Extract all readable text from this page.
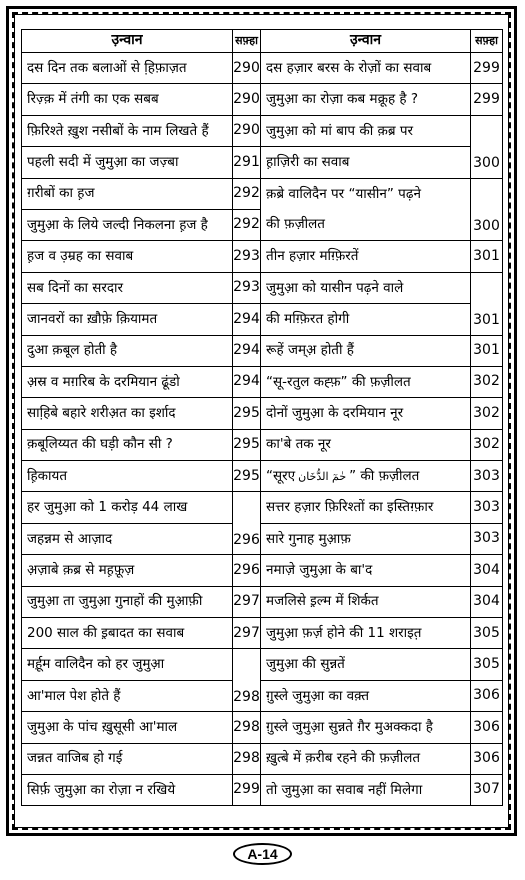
उ़न्वान	सफ़्हा	उ़न्वान	सफ़्हा
दस दिन तक बलाओं से हि़फ़ाज़त	290	दस हज़ार बरस के रोज़ों का सवाब	299
रिज़्क़ में तंगी का एक सबब	290	जुमुआ़ का रोज़ा कब मक्रूह है ?	299
फ़िरिश्ते खु़श नसीबों के नाम लिखते हैं	290	जुमुआ़ को मां बाप की क़ब्र पर	300
पहली सदी में जुमुआ़ का जज़्बा	291	ह़ाज़िरी का सवाब	
ग़रीबों का ह़ज	292	क़ब्रे वालिदैन पर “यासीन” पढ़ने	300
जुमुआ़ के लिये जल्दी निकलना ह़ज है	292	की फ़ज़ीलत	
ह़ज व उ़म्रह का सवाब	293	तीन हज़ार मग़्फ़िरतें	301
सब दिनों का सरदार	293	जुमुआ़ को यासीन पढ़ने वाले	301
जानवरों का ख़ौफ़े क़ियामत	294	की मग़्फ़िरत होगी	
दुआ क़बूल होती है	294	रूहें जम्अ़ होती हैं	301
अ़स्र व मग़रिब के दरमियान ढूंडो	294	“सू-रतुल कह्फ़” की फ़ज़ीलत	302
साहि़बे बहारे शरीअ़त का इर्शाद	295	दोनों जुमुआ़ के दरमियान नूर	302
क़बूलिय्यत की घड़ी कौन सी ?	295	का'बे तक नूर	302
ह़िकायत	295	“सूरए حٰمٓ الدُّخَان ” की फ़ज़ीलत	303
हर जुमुआ़ को 1 करोड़ 44 लाख	296	सत्तर हज़ार फ़िरिश्तों का इस्तिग़्फ़ार	303
जहन्नम से आज़ाद		सारे गुनाह मुआ़फ़	303
अ़ज़ाबे क़ब्र से मह़फ़ूज़	296	नमाज़े जुमुआ़ के बा'द	304
जुमुआ़ ता जुमुआ़ गुनाहों की मुआ़फ़ी	297	मजलिसे इ़ल्म में शिर्कत	304
200 साल की इ़बादत का सवाब	297	जुमुआ़ फ़र्ज़ होने की 11 शराइत़	305
मर्ह़ूम वालिदैन को हर जुमुआ़	298	जुमुआ़ की सुन्नतें	305
आ'माल पेश होते हैं		गु़स्ले जुमुआ़ का वक़्त	306
जुमुआ़ के पांच खु़सूसी आ'माल	298	गु़स्ले जुमुआ़ सुन्नते ग़ैर मुअक्कदा है	306
जन्नत वाजिब हो गई	298	ख़ुत्बे में क़रीब रहने की फ़ज़ीलत	306
सिर्फ़ जुमुआ़ का रोज़ा न रखिये	299	तो जुमुआ़ का सवाब नहीं मिलेगा	307
A-14
